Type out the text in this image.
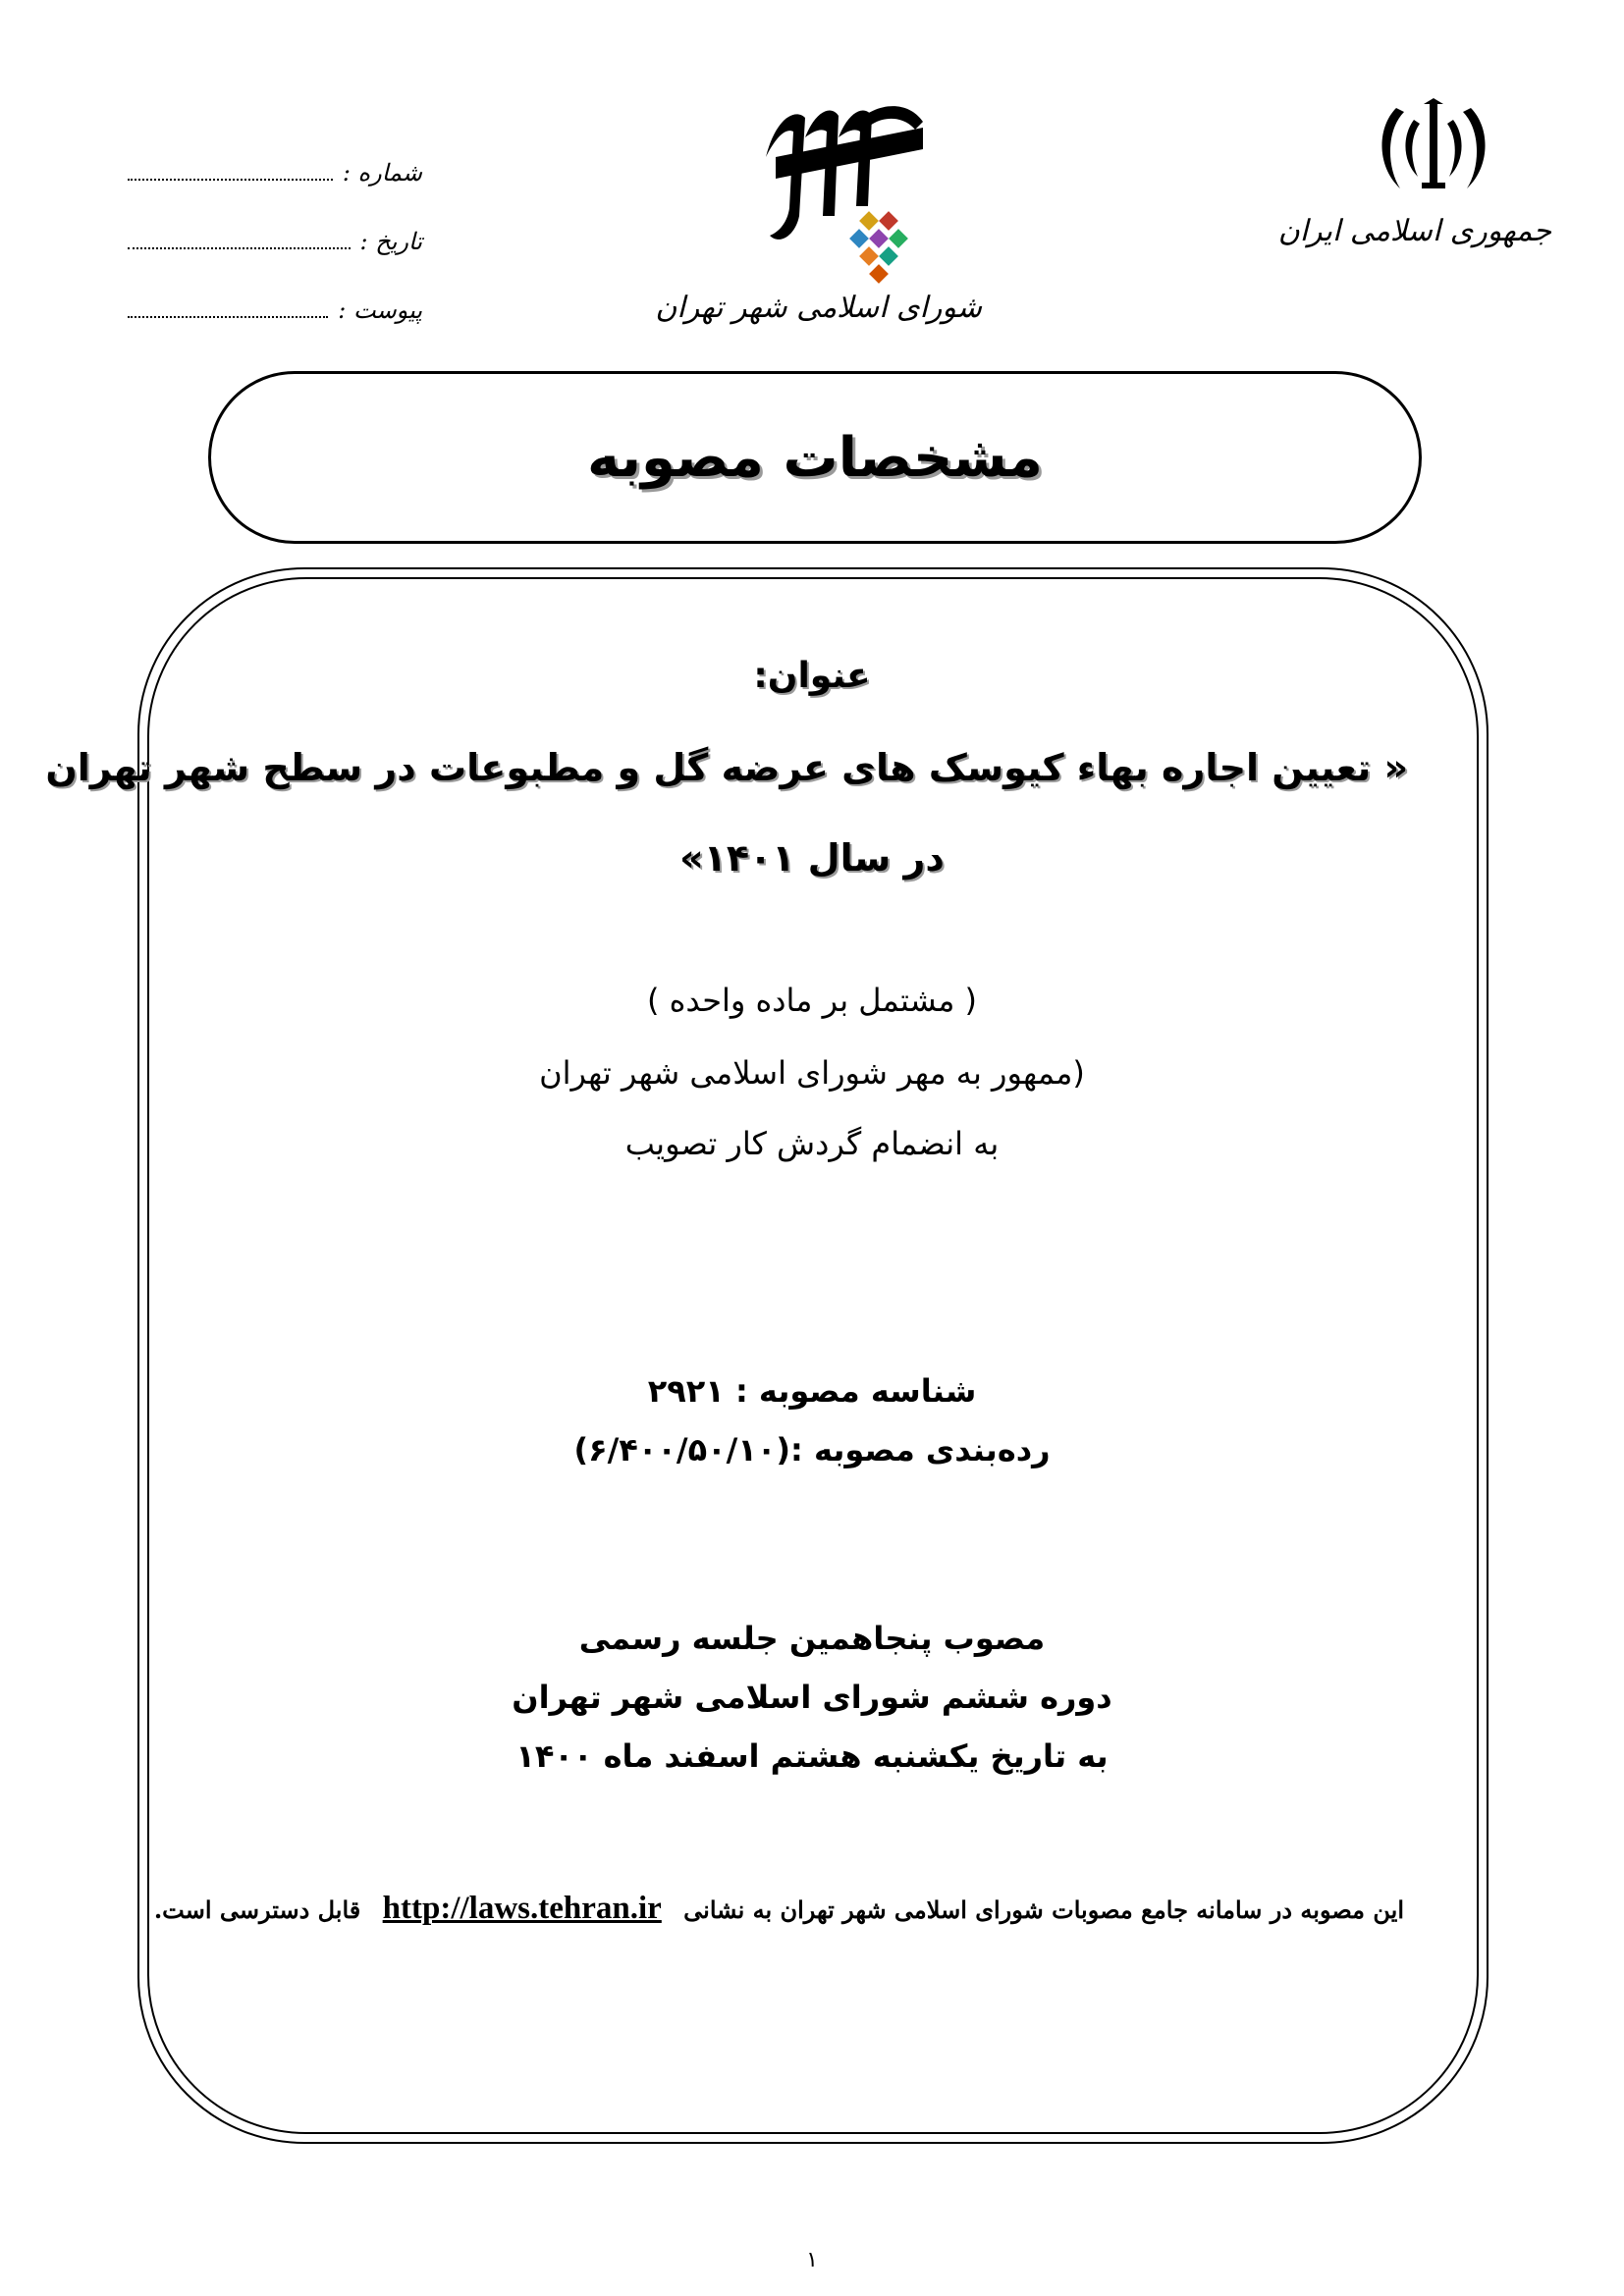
جمهوری اسلامی ایران
شورای اسلامی شهر تهران
شماره :
تاریخ :
پیوست :
مشخصات مصوبه
عنوان:
« تعیین اجاره بهاء کیوسک های عرضه گل و مطبوعات در سطح شهر تهران
در سال ۱۴۰۱»
( مشتمل بر ماده واحده )
(ممهور به مهر شورای اسلامی شهر تهران
به انضمام گردش کار تصویب
شناسه مصوبه : ۲۹۲۱
رده‌بندی مصوبه :(۶/۴۰۰/۵۰/۱۰)
مصوب پنجاهمین جلسه رسمی
دوره ششم شورای اسلامی شهر تهران
به تاریخ یکشنبه هشتم اسفند ماه ۱۴۰۰
این مصوبه در سامانه جامع مصوبات شورای اسلامی شهر تهران به نشانی http://laws.tehran.ir قابل دسترسی است.
۱
